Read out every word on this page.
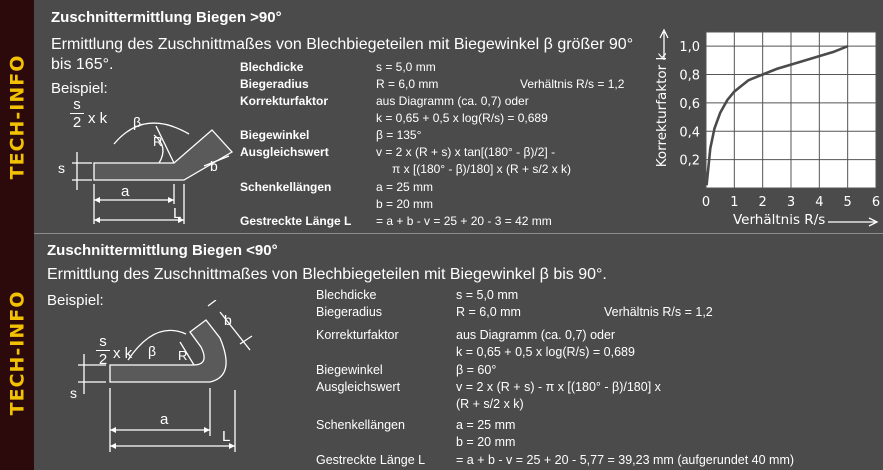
TECH-INFO
TECH-INFO
Zuschnittermittlung Biegen >90°
Ermittlung des Zuschnittmaßes von Blechbiegeteilen mit Biegewinkel β größer 90°
bis 165°.
Beispiel:
Blechdicke	s = 5,0 mm
Biegeradius	R = 6,0 mm	Verhältnis R/s = 1,2
Korrekturfaktor	aus Diagramm (ca. 0,7) oder
k = 0,65 + 0,5 x log(R/s) = 0,689
Biegewinkel	β = 135°
Ausgleichswert	v = 2 x (R + s) x tan[(180° - β)/2] -
π x [(180° - β)/180] x (R + s/2 x k)
Schenkellängen	a = 25 mm
b = 20 mm
Gestreckte Länge L = a + b - v = 25 + 20 - 3 = 42 mm
s
2 x k
s
a
L
b
β
R
0 1 2 3 4 5 6
0,2
0,4
0,6
0,8
1,0
Korrekturfaktor k
Verhältnis R/s
Zuschnittermittlung Biegen <90°
Ermittlung des Zuschnittmaßes von Blechbiegeteilen mit Biegewinkel β bis 90°.
Beispiel:	Blechdicke	s = 5,0 mm
Biegeradius	R = 6,0 mm	Verhältnis R/s = 1,2
Korrekturfaktor	aus Diagramm (ca. 0,7) oder
k = 0,65 + 0,5 x log(R/s) = 0,689
Biegewinkel	β = 60°
Ausgleichswert	v = 2 x (R + s) - π x [(180° - β)/180] x
(R + s/2 x k)
Schenkellängen	a = 25 mm
b = 20 mm
Gestreckte Länge L = a + b - v = 25 + 20 - 5,77 = 39,23 mm (aufgerundet 40 mm)
s
2 x k
s
a
L
b
β R
